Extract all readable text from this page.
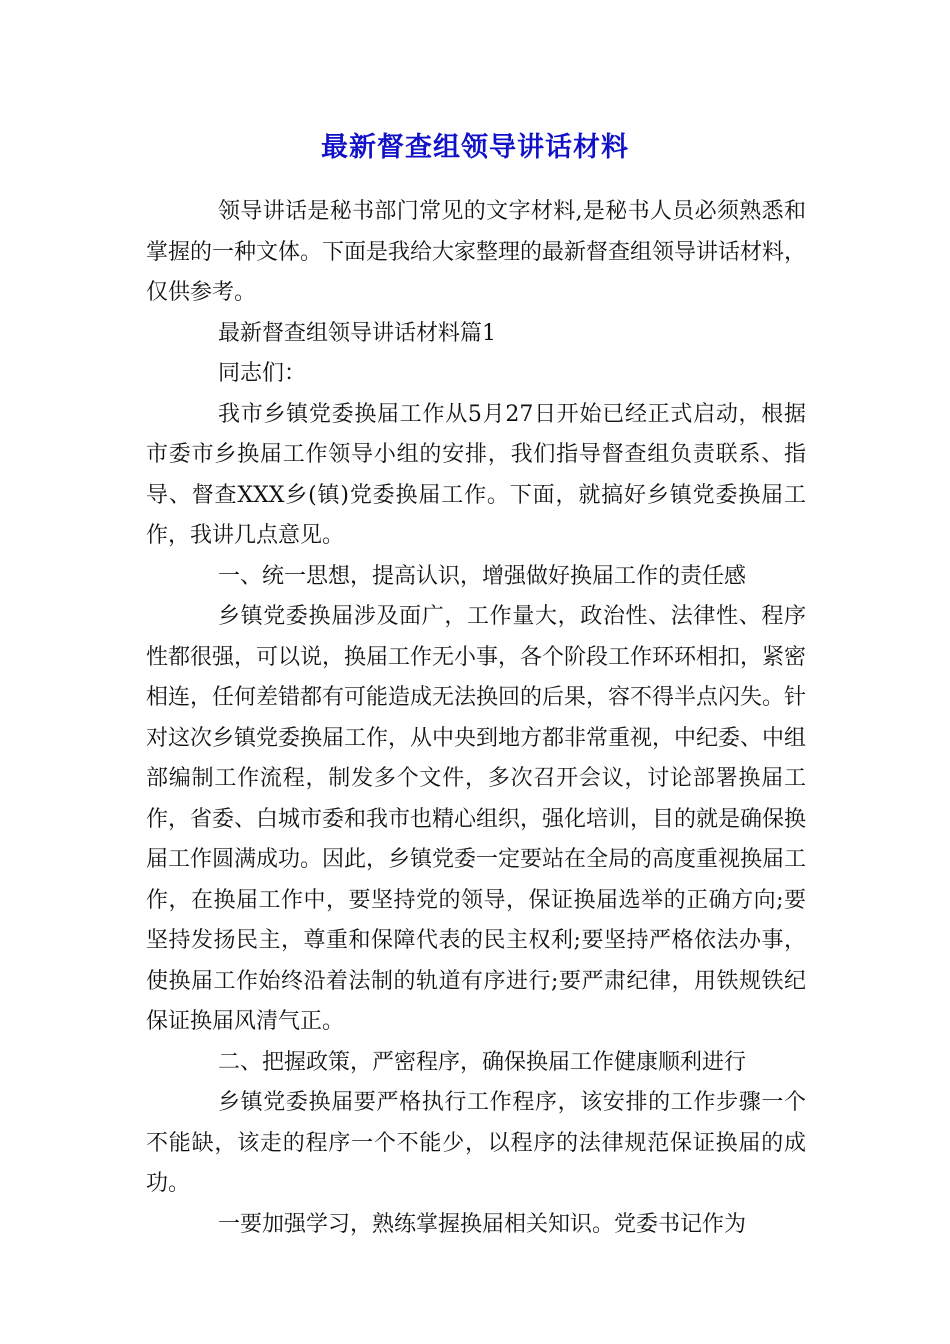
最新督查组领导讲话材料

领导讲话是秘书部门常见的文字材料,是秘书人员必须熟悉和掌握的一种文体。下面是我给大家整理的最新督查组领导讲话材料，仅供参考。

最新督查组领导讲话材料篇1

同志们：

我市乡镇党委换届工作从5月27日开始已经正式启动，根据市委市乡换届工作领导小组的安排，我们指导督查组负责联系、指导、督查XXX乡(镇)党委换届工作。下面，就搞好乡镇党委换届工作，我讲几点意见。

一、统一思想，提高认识，增强做好换届工作的责任感

乡镇党委换届涉及面广，工作量大，政治性、法律性、程序性都很强，可以说，换届工作无小事，各个阶段工作环环相扣，紧密相连，任何差错都有可能造成无法换回的后果，容不得半点闪失。针对这次乡镇党委换届工作，从中央到地方都非常重视，中纪委、中组部编制工作流程，制发多个文件，多次召开会议，讨论部署换届工作，省委、白城市委和我市也精心组织，强化培训，目的就是确保换届工作圆满成功。因此，乡镇党委一定要站在全局的高度重视换届工作，在换届工作中，要坚持党的领导，保证换届选举的正确方向;要坚持发扬民主，尊重和保障代表的民主权利;要坚持严格依法办事，使换届工作始终沿着法制的轨道有序进行;要严肃纪律，用铁规铁纪保证换届风清气正。

二、把握政策，严密程序，确保换届工作健康顺利进行

乡镇党委换届要严格执行工作程序，该安排的工作步骤一个不能缺，该走的程序一个不能少，以程序的法律规范保证换届的成功。

一要加强学习，熟练掌握换届相关知识。党委书记作为
